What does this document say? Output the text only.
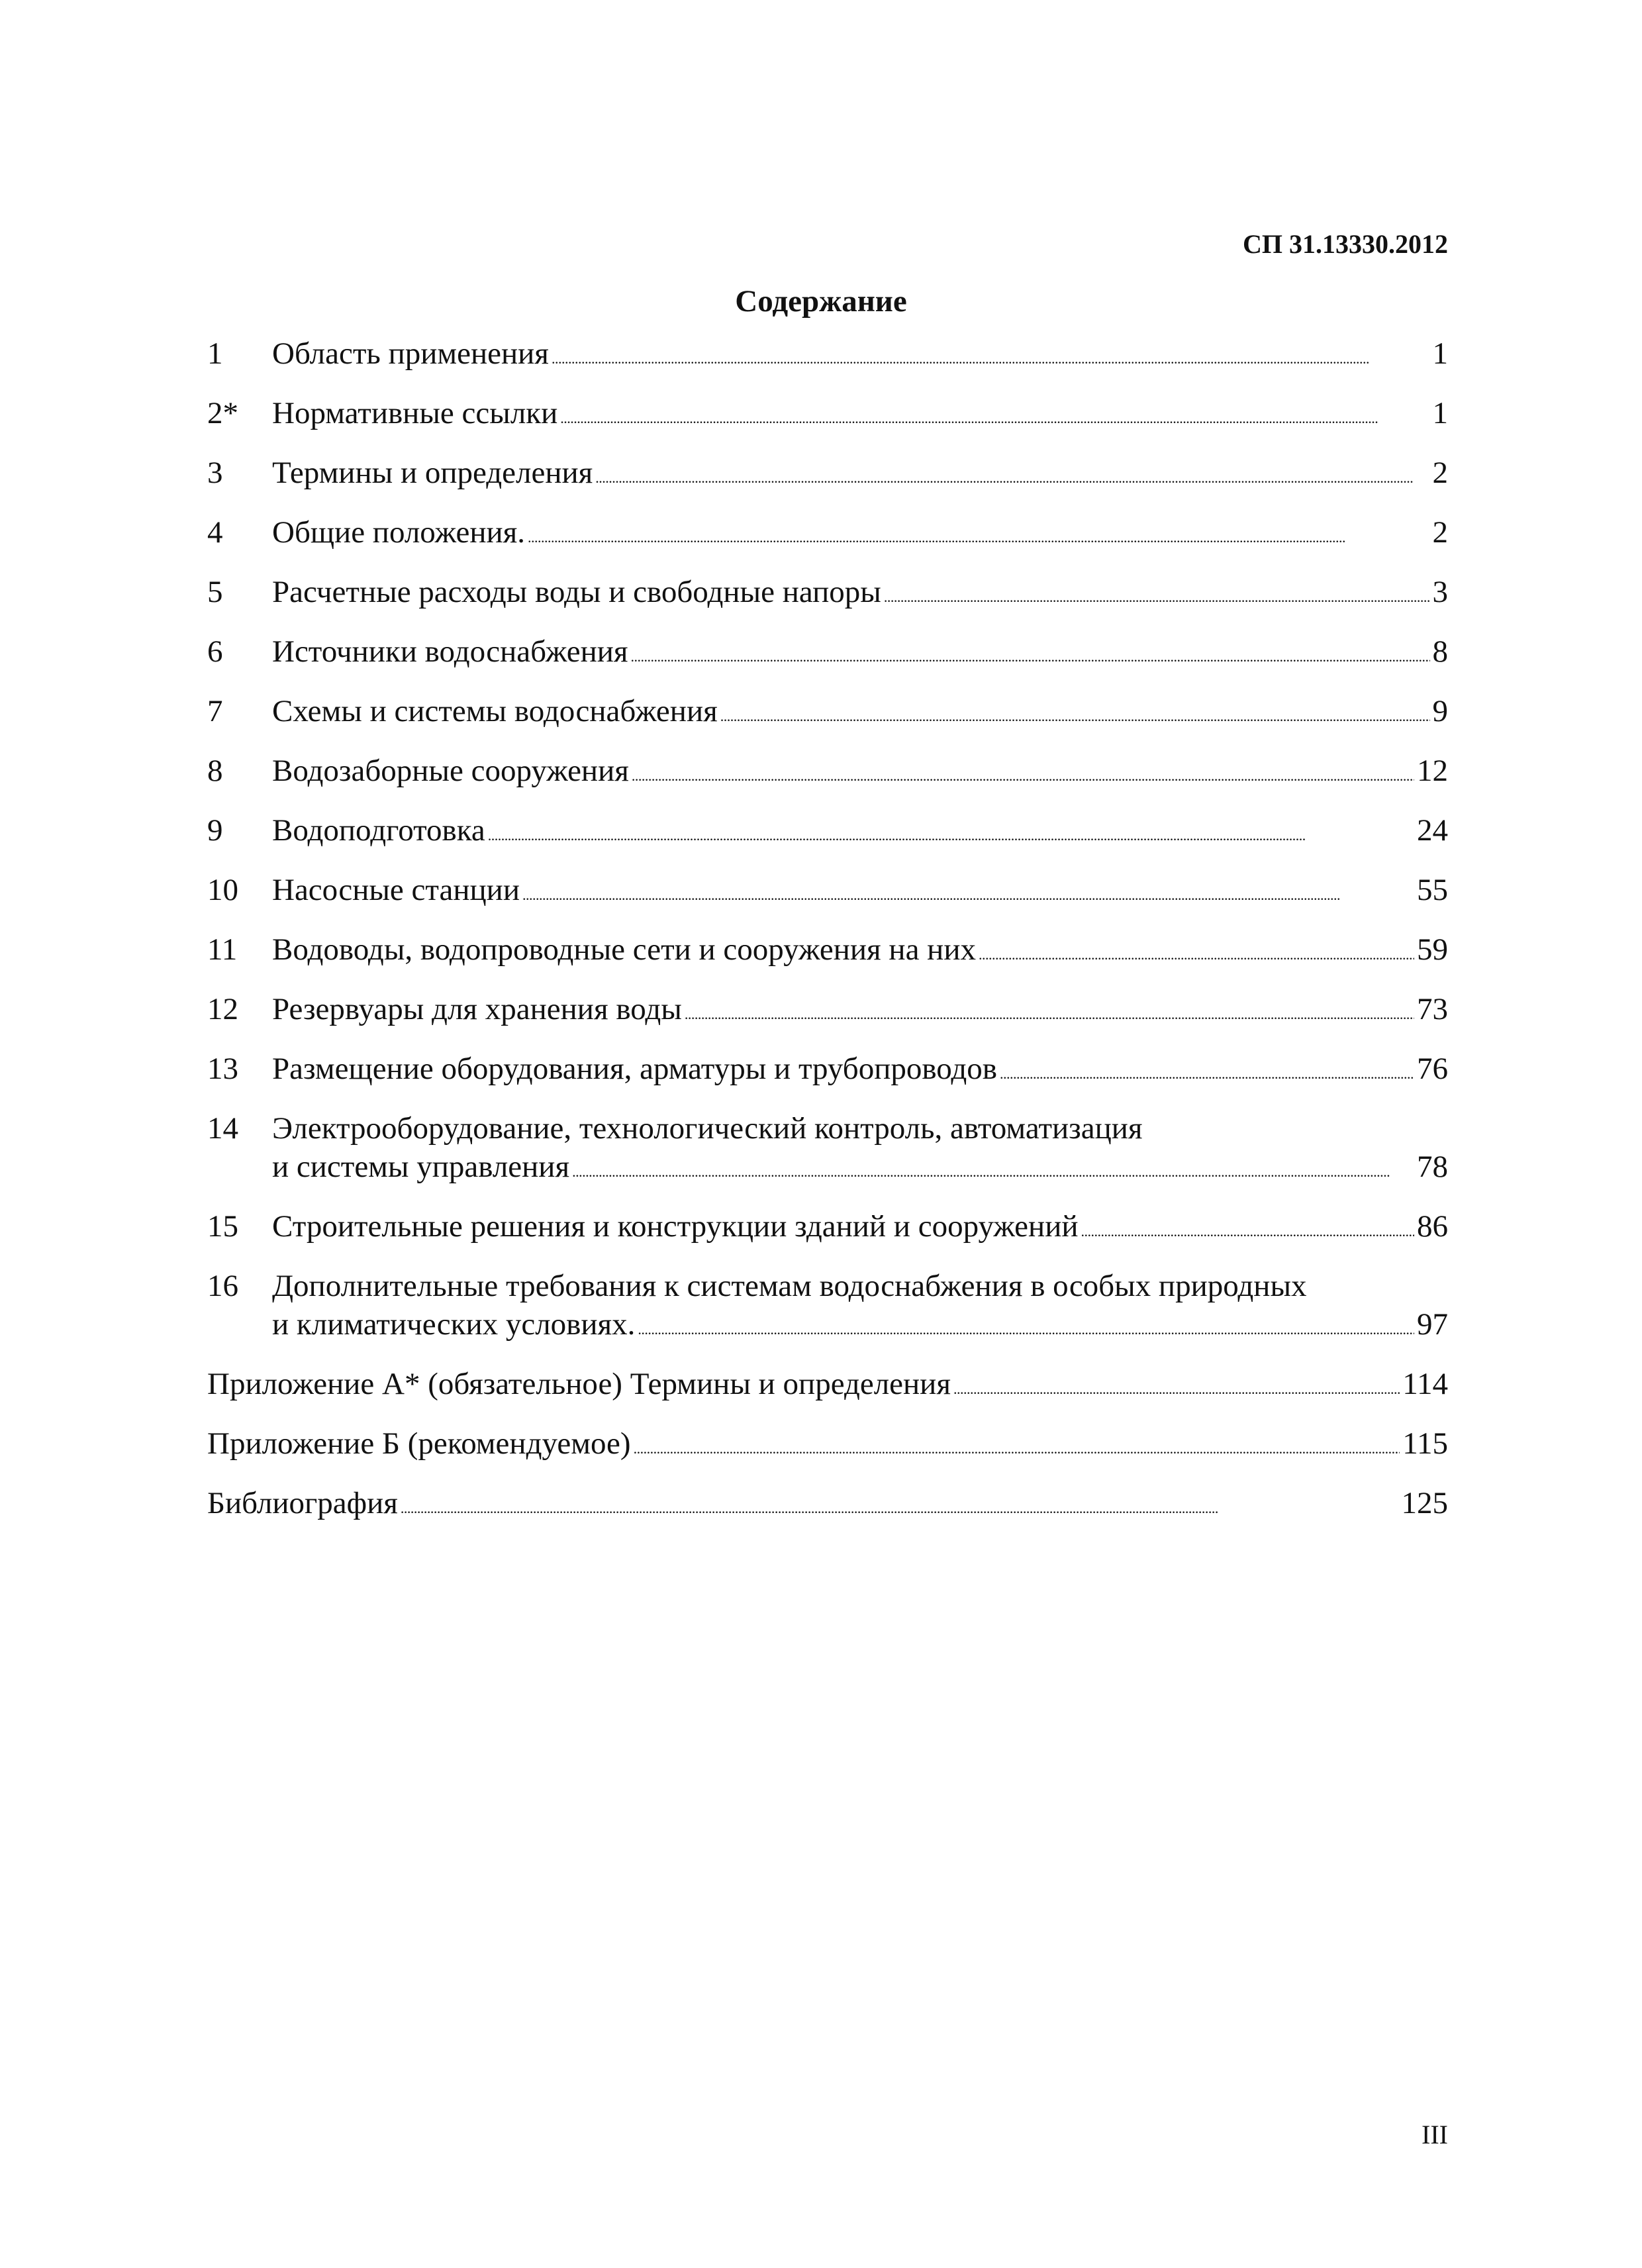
СП 31.13330.2012
Содержание
1	Область применения . . .	1
2*	Нормативные ссылки . . .	1
3	Термины и определения . . .	2
4	Общие положения. . . .	2
5	Расчетные расходы воды и свободные напоры . . .	3
6	Источники водоснабжения . . .	8
7	Схемы и системы водоснабжения . . .	9
8	Водозаборные сооружения . . .	12
9	Водоподготовка . . .	24
10	Насосные станции . . .	55
11	Водоводы, водопроводные сети и сооружения на них . . .	59
12	Резервуары для хранения воды . . .	73
13	Размещение оборудования, арматуры и трубопроводов . . .	76
14	Электрооборудование, технологический контроль, автоматизация
и системы управления . . .	78
15	Строительные решения и конструкции зданий и сооружений . . .	86
16	Дополнительные требования к системам водоснабжения в особых природных
и климатических условиях. . . .	97
Приложение А* (обязательное) Термины и определения . . .	114
Приложение Б (рекомендуемое) . . .	115
Библиография . . .	125
III
